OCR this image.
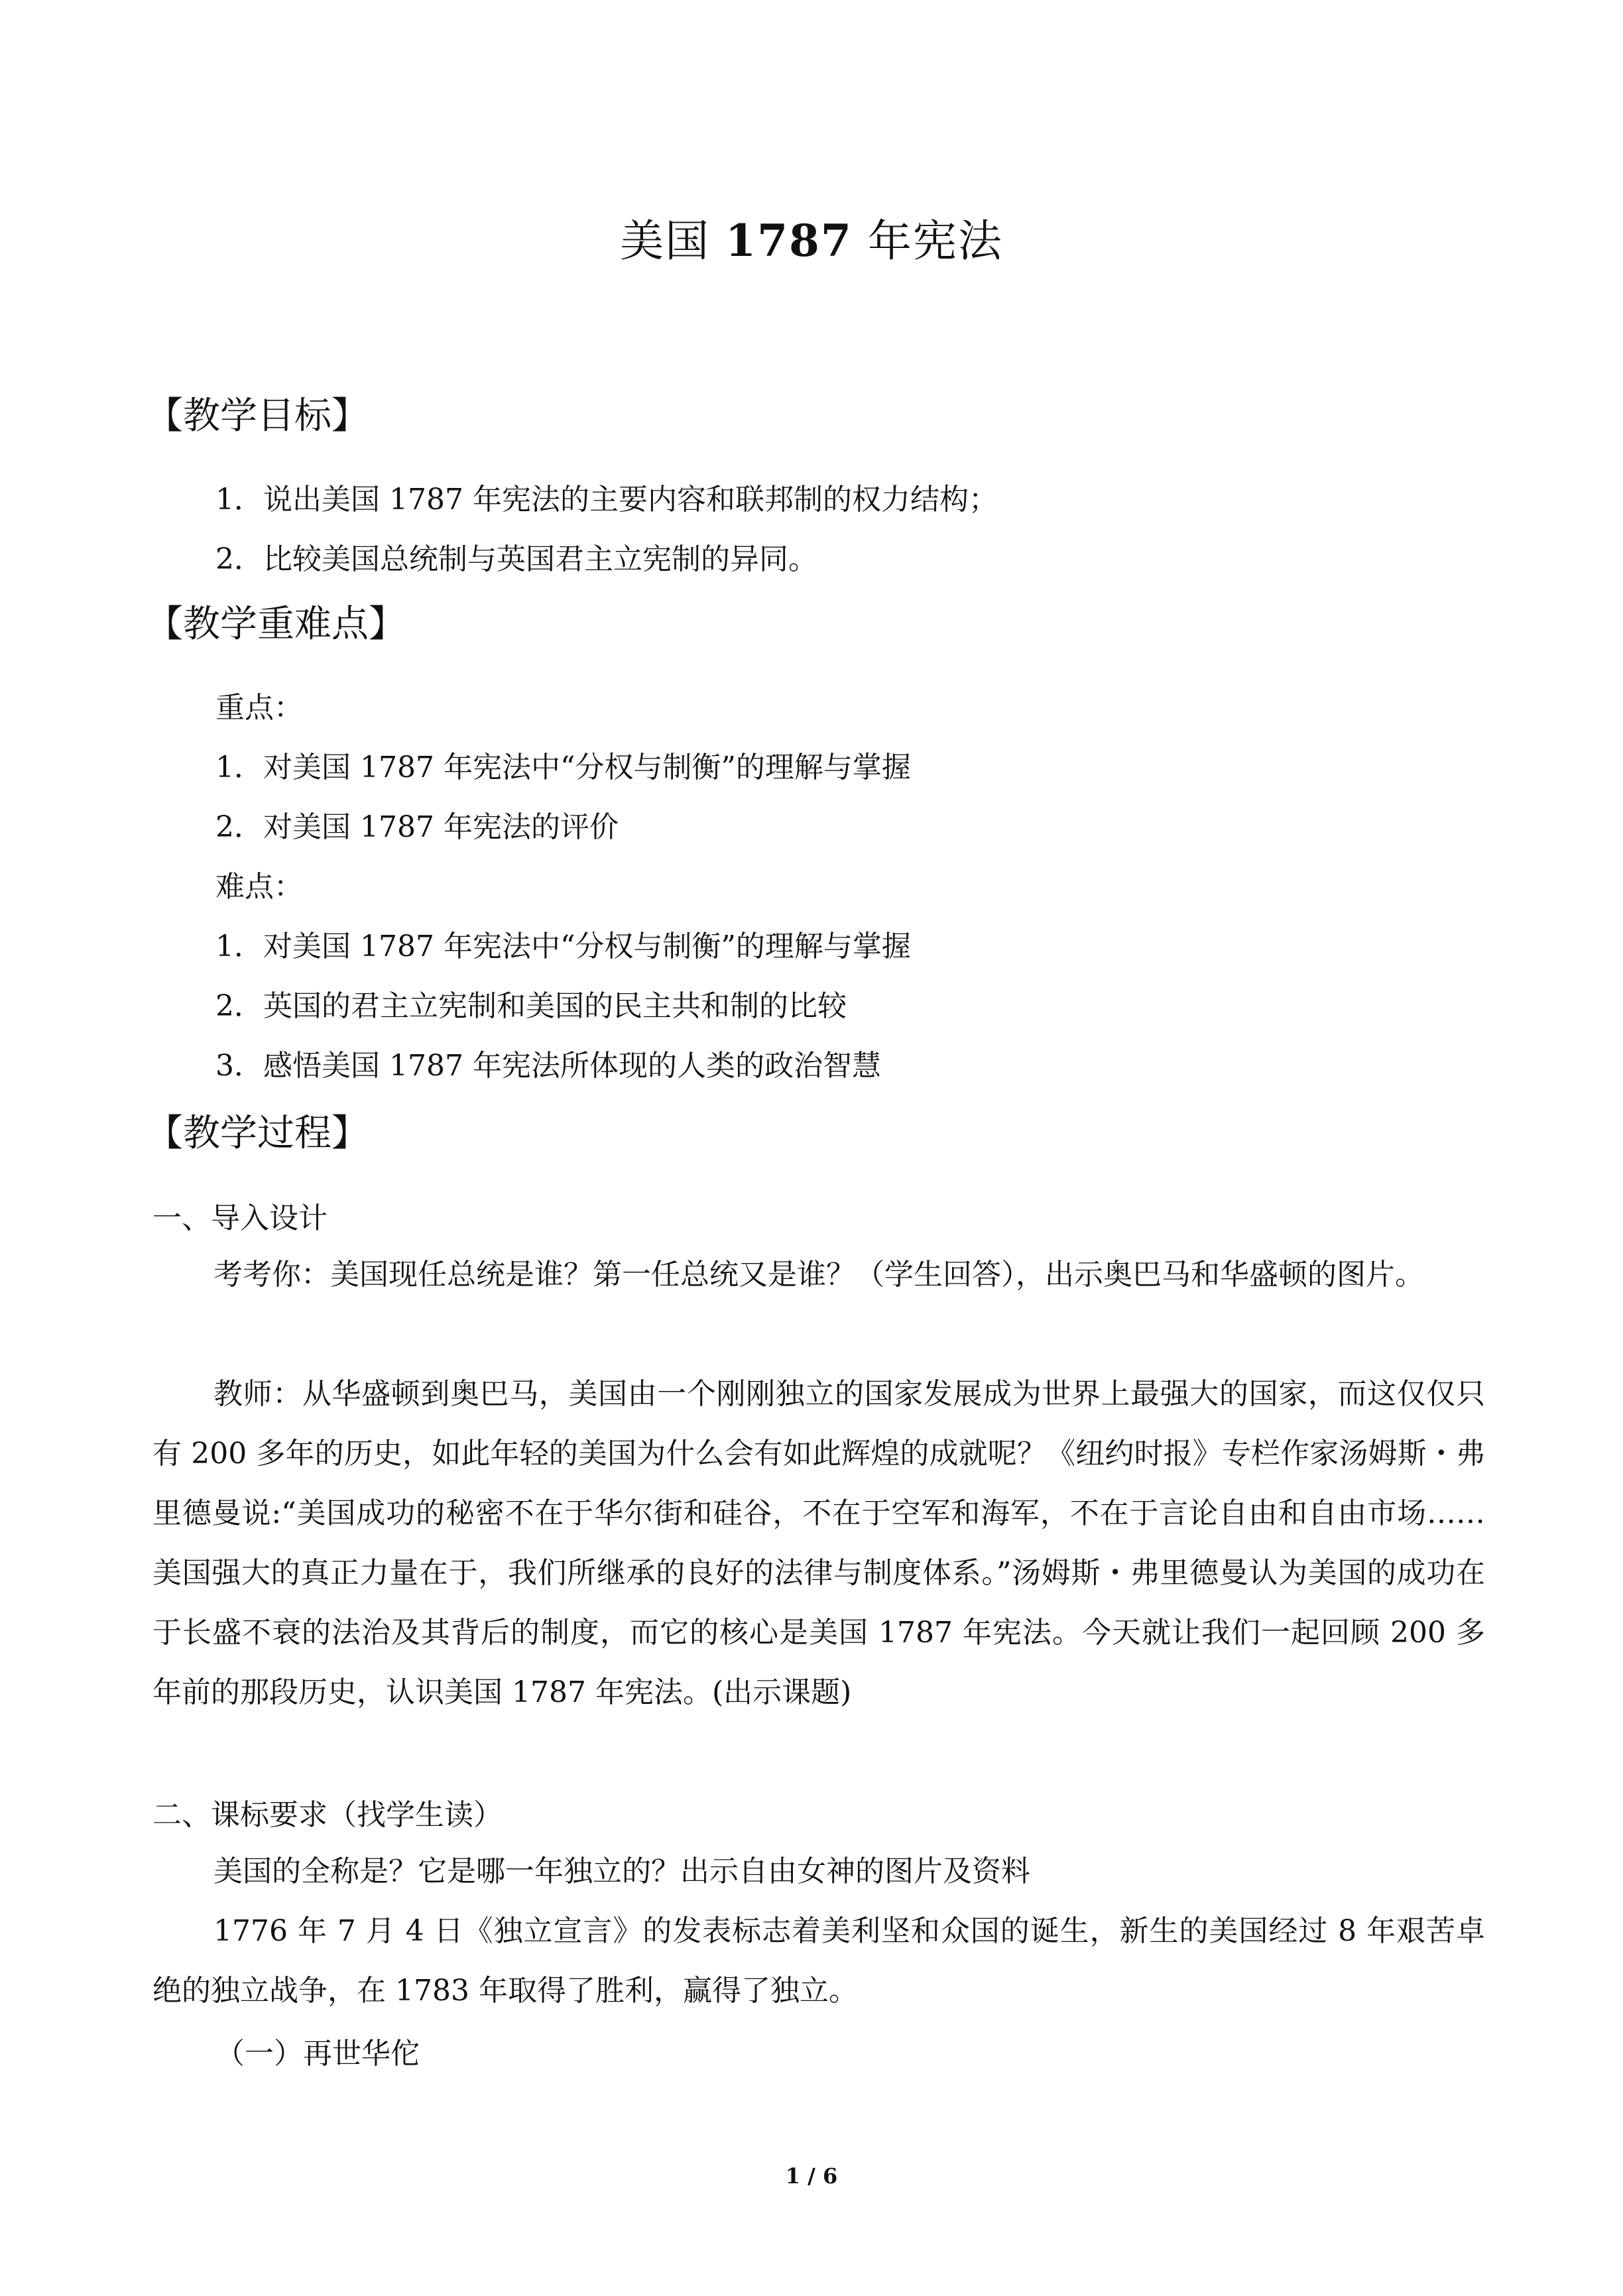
美国 1787 年宪法
【教学目标】
1．说出美国 1787 年宪法的主要内容和联邦制的权力结构；
2．比较美国总统制与英国君主立宪制的异同。
【教学重难点】
重点：
1．对美国 1787 年宪法中“分权与制衡”的理解与掌握
2．对美国 1787 年宪法的评价
难点：
1．对美国 1787 年宪法中“分权与制衡”的理解与掌握
2．英国的君主立宪制和美国的民主共和制的比较
3．感悟美国 1787 年宪法所体现的人类的政治智慧
【教学过程】
一、导入设计
考考你：美国现任总统是谁？第一任总统又是谁？（学生回答），出示奥巴马和华盛顿的图片。
教师：从华盛顿到奥巴马，美国由一个刚刚独立的国家发展成为世界上最强大的国家，而这仅仅只有 200 多年的历史，如此年轻的美国为什么会有如此辉煌的成就呢？《纽约时报》专栏作家汤姆斯・弗里德曼说:“美国成功的秘密不在于华尔街和硅谷，不在于空军和海军，不在于言论自由和自由市场……美国强大的真正力量在于，我们所继承的良好的法律与制度体系。”汤姆斯・弗里德曼认为美国的成功在于长盛不衰的法治及其背后的制度，而它的核心是美国 1787 年宪法。今天就让我们一起回顾 200 多年前的那段历史，认识美国 1787 年宪法。(出示课题)
二、课标要求（找学生读）
美国的全称是？它是哪一年独立的？出示自由女神的图片及资料
1776 年 7 月 4 日《独立宣言》的发表标志着美利坚和众国的诞生，新生的美国经过 8 年艰苦卓绝的独立战争，在 1783 年取得了胜利，赢得了独立。
（一）再世华佗
1 / 6
